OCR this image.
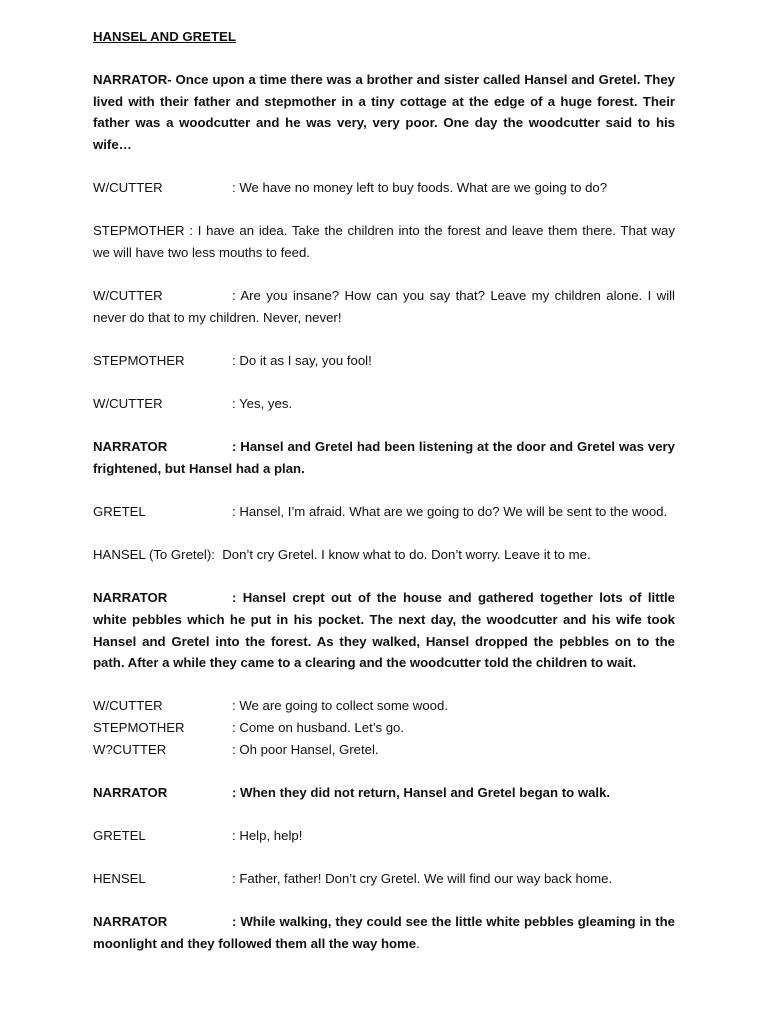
HANSEL AND GRETEL

NARRATOR- Once upon a time there was a brother and sister called Hansel and Gretel. They lived with their father and stepmother in a tiny cottage at the edge of a huge forest. Their father was a woodcutter and he was very, very poor. One day the woodcutter said to his wife…

W/CUTTER	: We have no money left to buy foods. What are we going to do?

STEPMOTHER : I have an idea. Take the children into the forest and leave them there. That way we will have two less mouths to feed.

W/CUTTER	: Are you insane? How can you say that? Leave my children alone. I will never do that to my children. Never, never!

STEPMOTHER	: Do it as I say, you fool!

W/CUTTER	: Yes, yes.

NARRATOR	: Hansel and Gretel had been listening at the door and Gretel was very frightened, but Hansel had a plan.

GRETEL	: Hansel, I’m afraid. What are we going to do? We will be sent to the wood.

HANSEL (To Gretel): Don’t cry Gretel. I know what to do. Don’t worry. Leave it to me.

NARRATOR	: Hansel crept out of the house and gathered together lots of little white pebbles which he put in his pocket. The next day, the woodcutter and his wife took Hansel and Gretel into the forest. As they walked, Hansel dropped the pebbles on to the path. After a while they came to a clearing and the woodcutter told the children to wait.

W/CUTTER	: We are going to collect some wood.

STEPMOTHER	: Come on husband. Let’s go.

W?CUTTER	: Oh poor Hansel, Gretel.

NARRATOR	: When they did not return, Hansel and Gretel began to walk.

GRETEL	: Help, help!

HENSEL	: Father, father! Don’t cry Gretel. We will find our way back home.

NARRATOR	: While walking, they could see the little white pebbles gleaming in the moonlight and they followed them all the way home.
